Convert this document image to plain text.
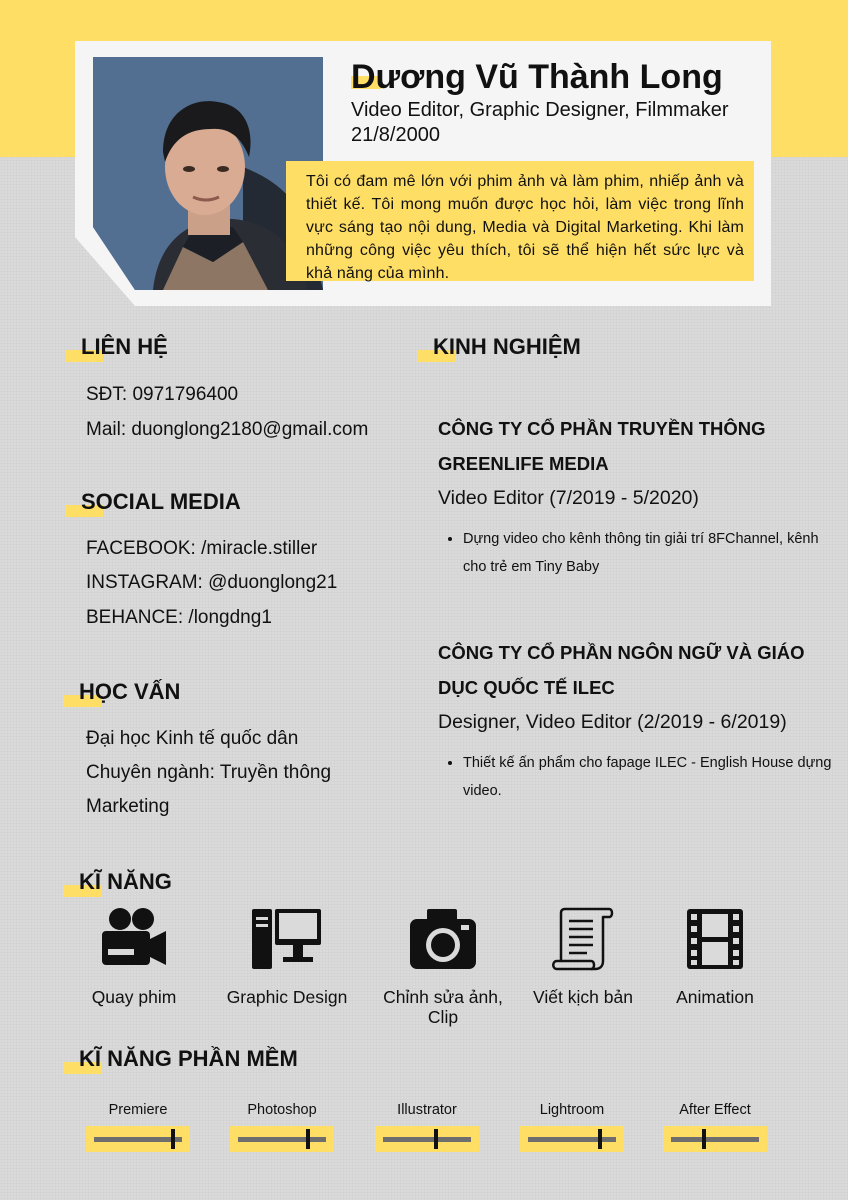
Dương Vũ Thành Long
Video Editor, Graphic Designer, Filmmaker
21/8/2000
Tôi có đam mê lớn với phim ảnh và làm phim, nhiếp ảnh và thiết kế. Tôi mong muốn được học hỏi, làm việc trong lĩnh vực sáng tạo nội dung, Media và Digital Marketing. Khi làm những công việc yêu thích, tôi sẽ thể hiện hết sức lực và khả năng của mình.
LIÊN HỆ
SĐT: 0971796400
Mail: duonglong2180@gmail.com
SOCIAL MEDIA
FACEBOOK: /miracle.stiller
INSTAGRAM: @duonglong21
BEHANCE: /longdng1
HỌC VẤN
Đại học Kinh tế quốc dân
Chuyên ngành: Truyền thông
Marketing
KINH NGHIỆM
CÔNG TY CỔ PHẦN TRUYỀN THÔNG GREENLIFE MEDIA
Video Editor (7/2019 - 5/2020)
• Dựng video cho kênh thông tin giải trí 8FChannel, kênh cho trẻ em Tiny Baby
CÔNG TY CỔ PHẦN NGÔN NGỮ VÀ GIÁO DỤC QUỐC TẾ ILEC
Designer, Video Editor (2/2019 - 6/2019)
• Thiết kế ấn phẩm cho fapage ILEC - English House dựng video.
KĨ NĂNG
Quay phim	Graphic Design Chỉnh sửa ảnh, Clip
Viết kịch bản	Animation
KĨ NĂNG PHẦN MỀM
Premiere	Photoshop	Illustrator	Lightroom	After Effect
